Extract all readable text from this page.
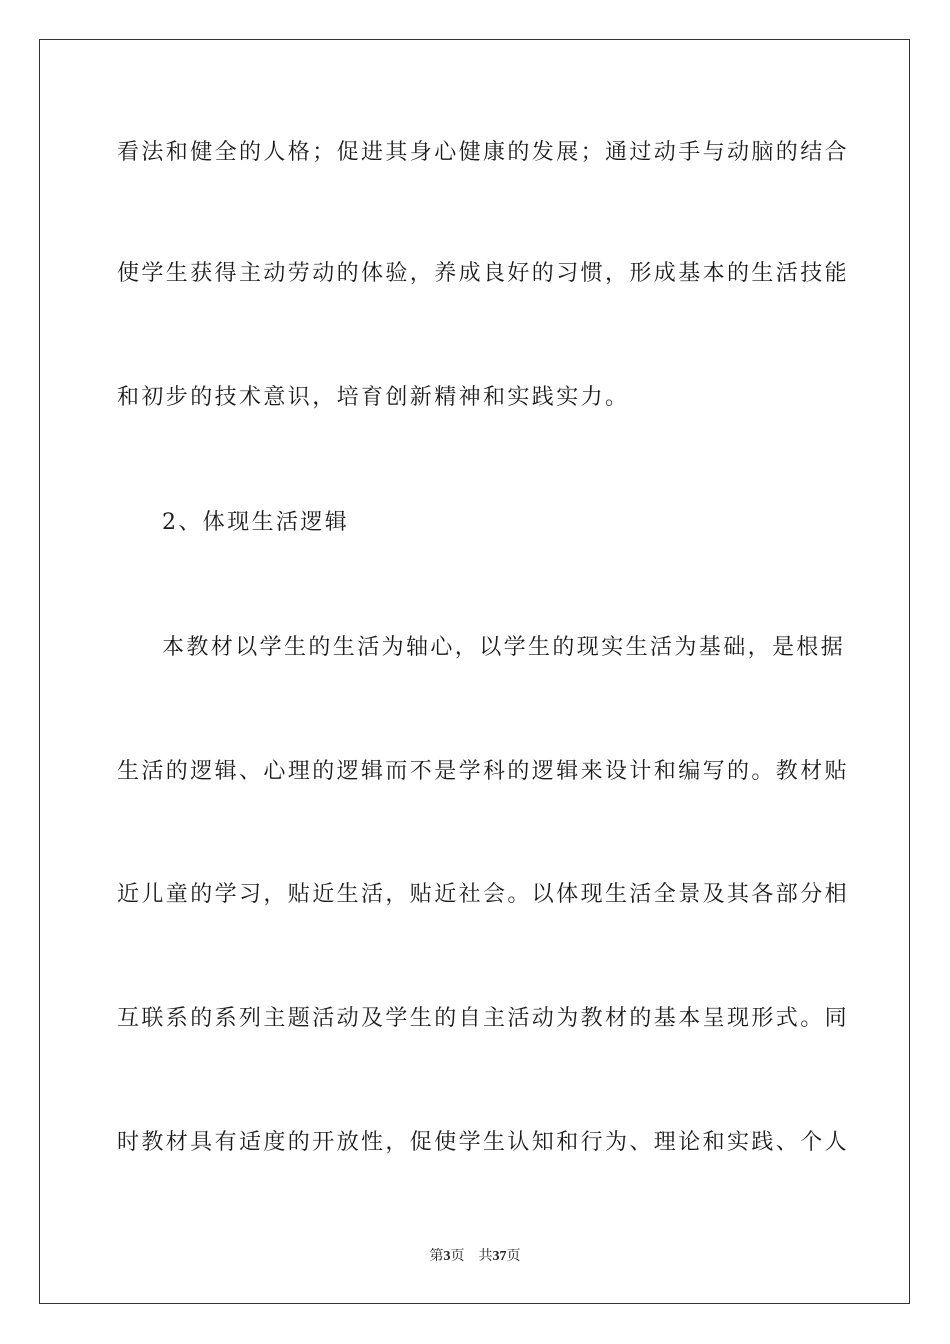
看法和健全的人格；促进其身心健康的发展；通过动手与动脑的结合
使学生获得主动劳动的体验，养成良好的习惯，形成基本的生活技能
和初步的技术意识，培育创新精神和实践实力。
2、体现生活逻辑
本教材以学生的生活为轴心，以学生的现实生活为基础，是根据
生活的逻辑、心理的逻辑而不是学科的逻辑来设计和编写的。教材贴
近儿童的学习，贴近生活，贴近社会。以体现生活全景及其各部分相
互联系的系列主题活动及学生的自主活动为教材的基本呈现形式。同
时教材具有适度的开放性，促使学生认知和行为、理论和实践、个人
第3页 共37页
